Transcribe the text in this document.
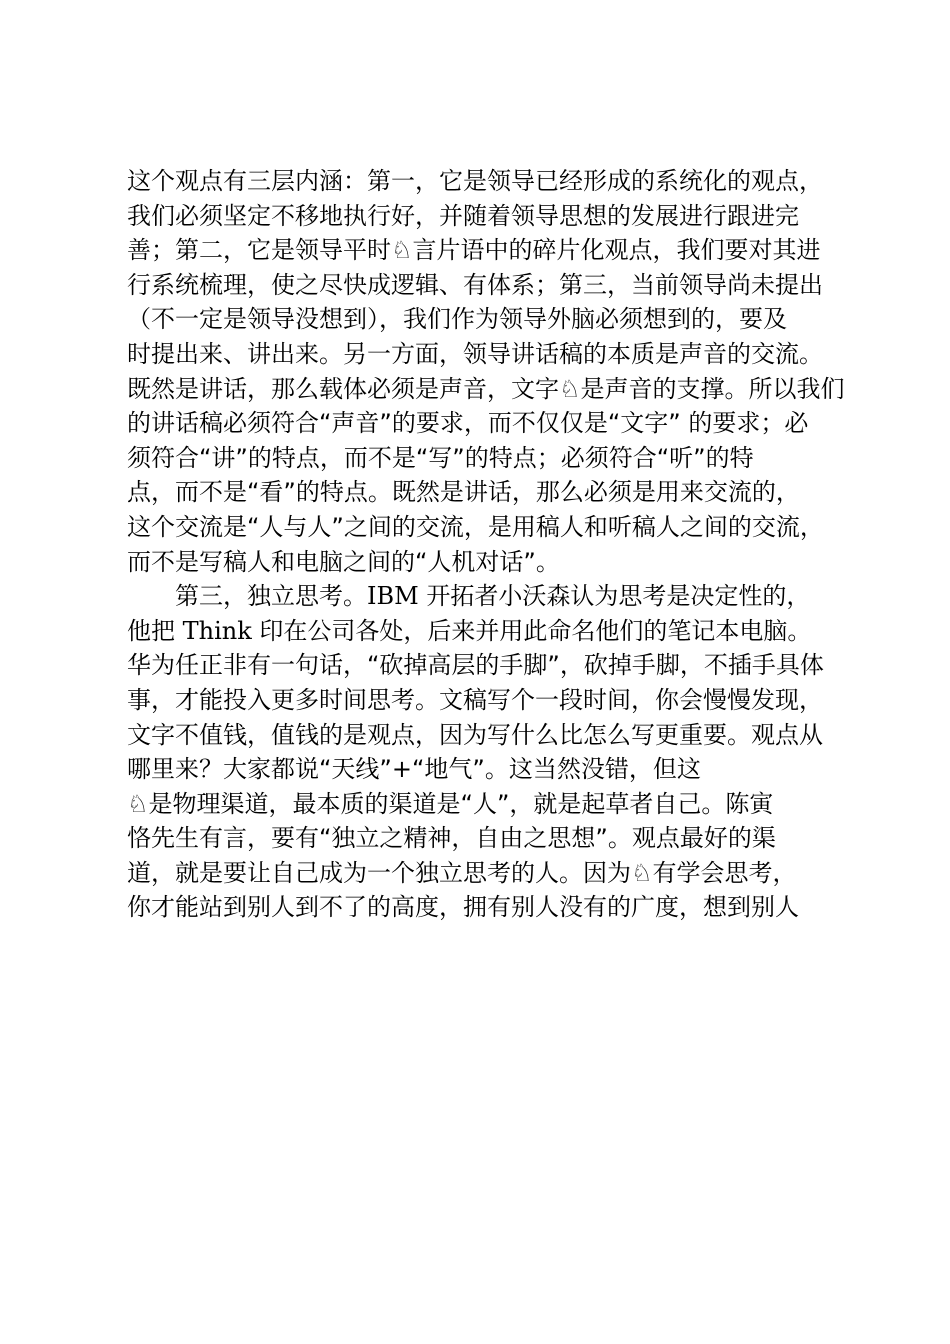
这个观点有三层内涵：第一，它是领导已经形成的系统化的观点，
我们必须坚定不移地执行好，并随着领导思想的发展进行跟进完
善；第二，它是领导平时♘言片语中的碎片化观点，我们要对其进
行系统梳理，使之尽快成逻辑、有体系；第三，当前领导尚未提出
（不一定是领导没想到），我们作为领导外脑必须想到的，要及
时提出来、讲出来。另一方面，领导讲话稿的本质是声音的交流。
既然是讲话，那么载体必须是声音，文字♘是声音的支撑。所以我们
的讲话稿必须符合“声音”的要求，而不仅仅是“文字” 的要求；必
须符合“讲”的特点，而不是“写”的特点；必须符合“听”的特
点，而不是“看”的特点。既然是讲话，那么必须是用来交流的，
这个交流是“人与人”之间的交流，是用稿人和听稿人之间的交流，
而不是写稿人和电脑之间的“人机对话”。
第三，独立思考。IBM 开拓者小沃森认为思考是决定性的，
他把 Think 印在公司各处，后来并用此命名他们的笔记本电脑。
华为任正非有一句话，“砍掉高层的手脚”，砍掉手脚，不插手具体
事，才能投入更多时间思考。文稿写个一段时间，你会慢慢发现，
文字不值钱，值钱的是观点，因为写什么比怎么写更重要。观点从
哪里来？大家都说“天线”+“地气”。这当然没错，但这
♘是物理渠道，最本质的渠道是“人”，就是起草者自己。陈寅
恪先生有言，要有“独立之精神，自由之思想”。观点最好的渠
道，就是要让自己成为一个独立思考的人。因为♘有学会思考，
你才能站到别人到不了的高度，拥有别人没有的广度，想到别人
